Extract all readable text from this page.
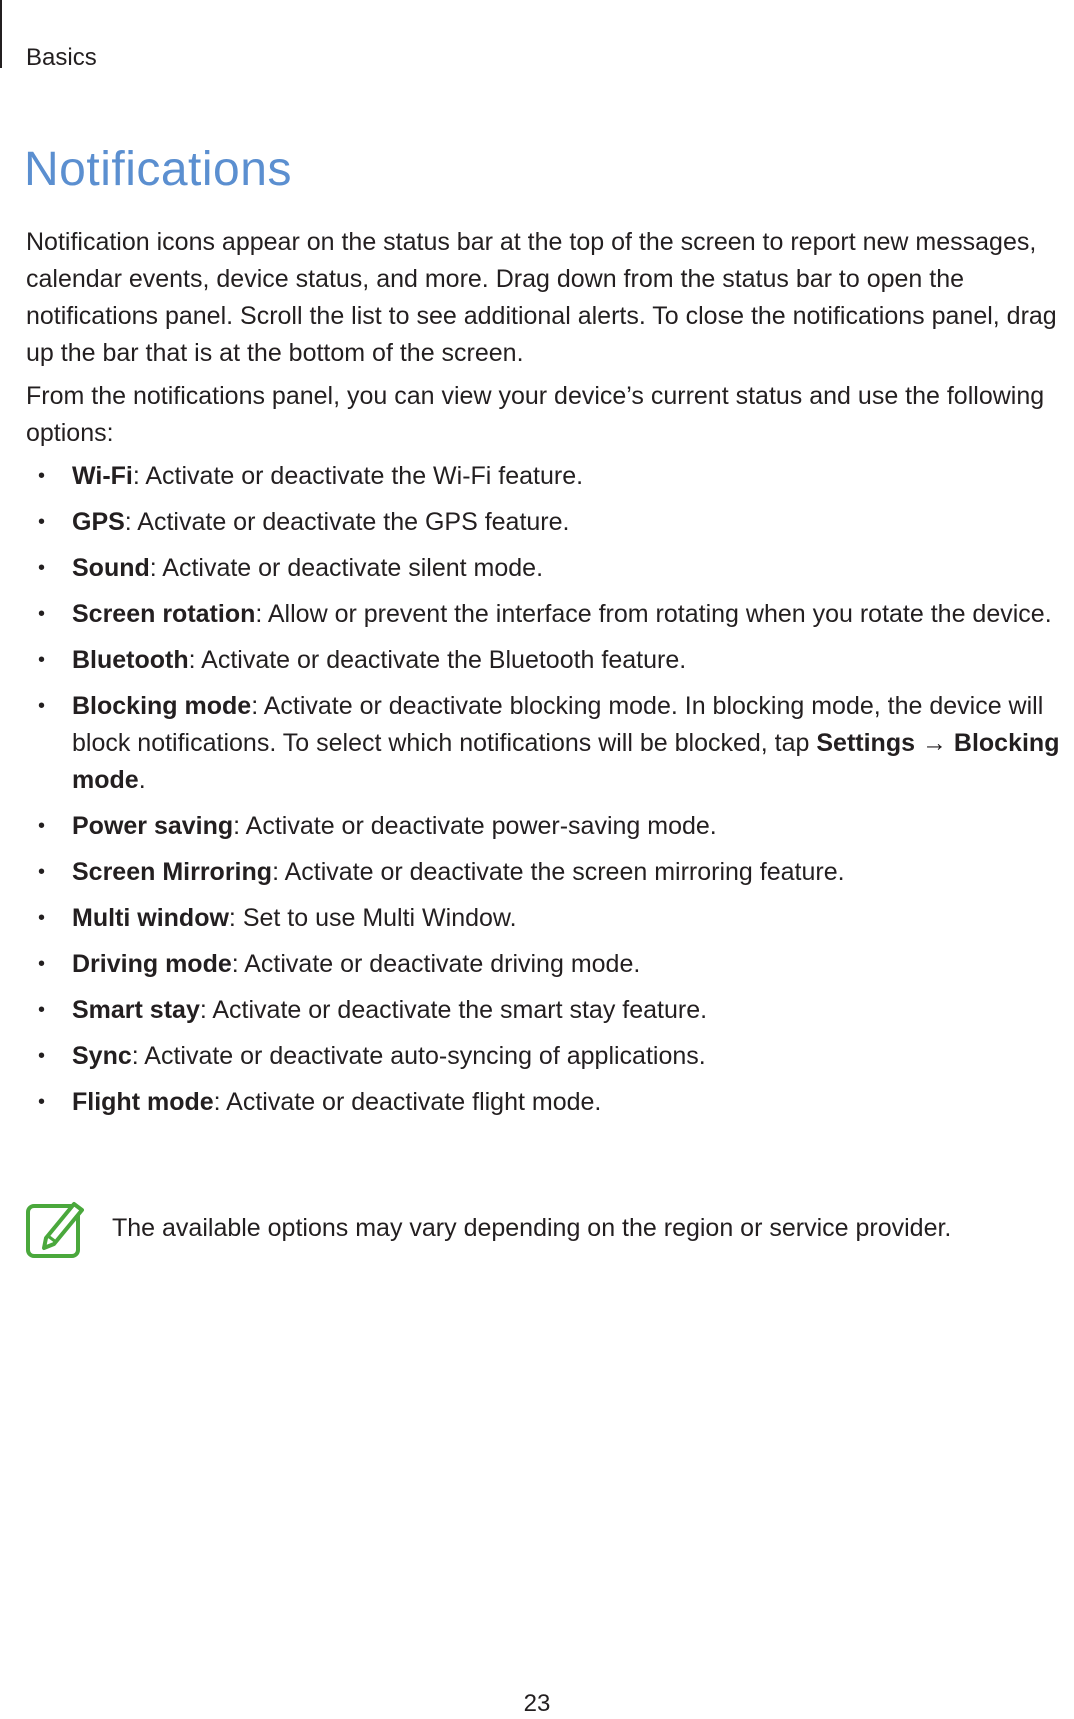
Basics
Notifications

Notification icons appear on the status bar at the top of the screen to report new messages, calendar events, device status, and more. Drag down from the status bar to open the notifications panel. Scroll the list to see additional alerts. To close the notifications panel, drag up the bar that is at the bottom of the screen.

From the notifications panel, you can view your device’s current status and use the following options:

• Wi-Fi: Activate or deactivate the Wi-Fi feature.
• GPS: Activate or deactivate the GPS feature.
• Sound: Activate or deactivate silent mode.
• Screen rotation: Allow or prevent the interface from rotating when you rotate the device.
• Bluetooth: Activate or deactivate the Bluetooth feature.
• Blocking mode: Activate or deactivate blocking mode. In blocking mode, the device will block notifications. To select which notifications will be blocked, tap Settings → Blocking mode.
• Power saving: Activate or deactivate power-saving mode.
• Screen Mirroring: Activate or deactivate the screen mirroring feature.
• Multi window: Set to use Multi Window.
• Driving mode: Activate or deactivate driving mode.
• Smart stay: Activate or deactivate the smart stay feature.
• Sync: Activate or deactivate auto-syncing of applications.
• Flight mode: Activate or deactivate flight mode.
The available options may vary depending on the region or service provider.
23
